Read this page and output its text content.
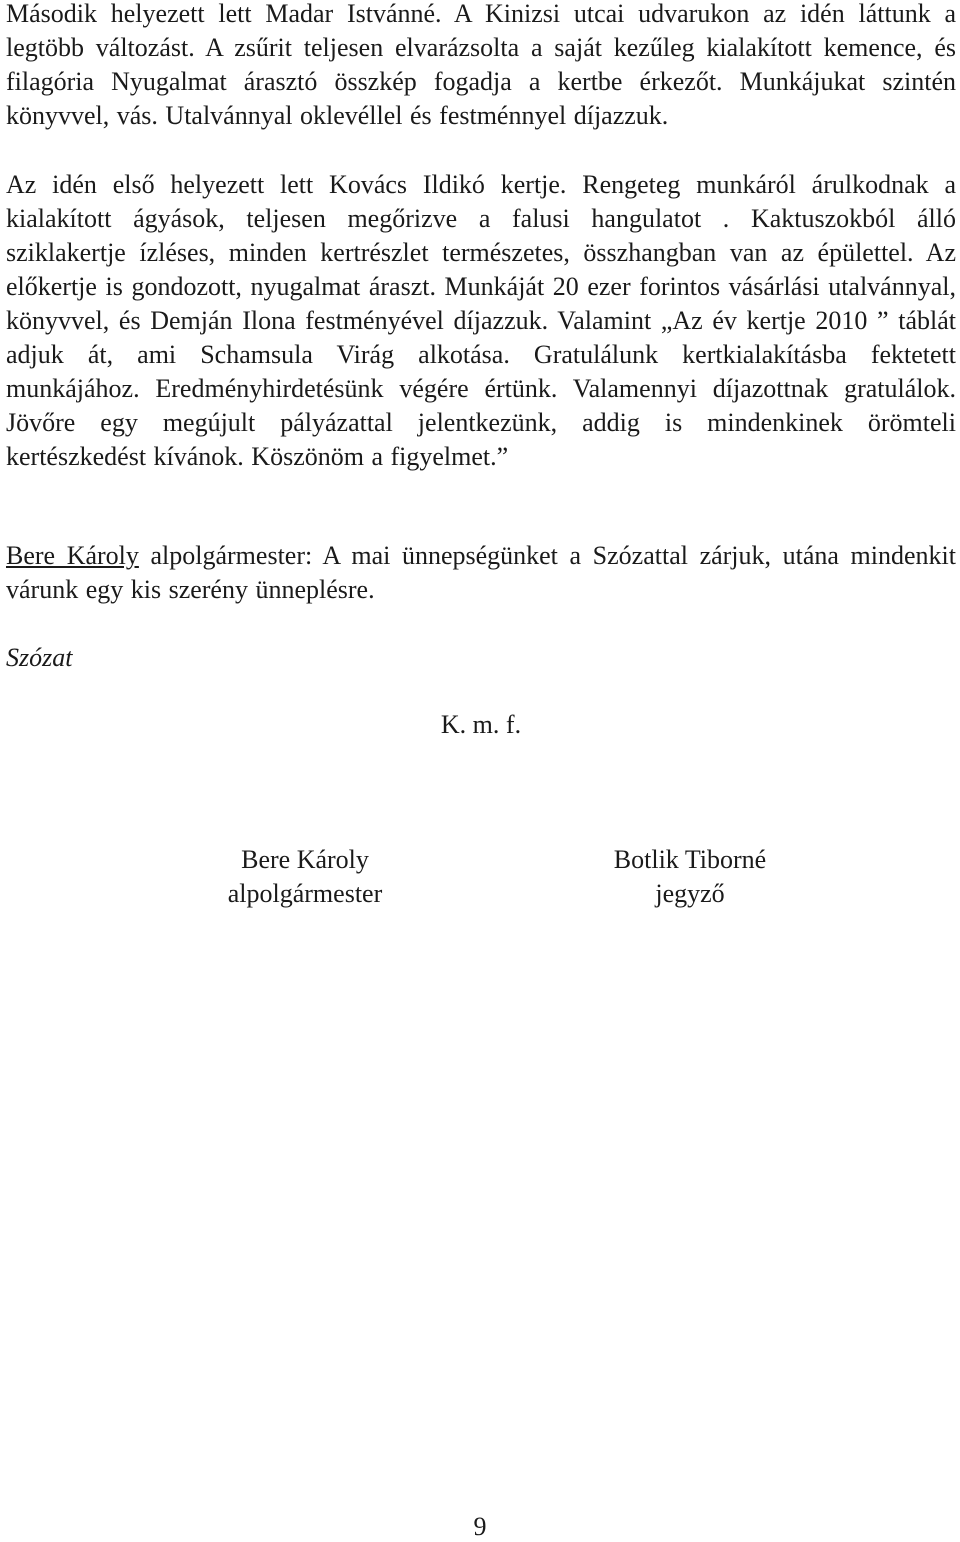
Második helyezett lett Madar Istvánné. A Kinizsi utcai udvarukon az idén láttunk a legtöbb változást. A zsűrit teljesen elvarázsolta a saját kezűleg kialakított kemence, és filagória Nyugalmat árasztó összkép fogadja a kertbe érkezőt. Munkájukat szintén könyvvel, vás. Utalvánnyal oklevéllel és festménnyel díjazzuk.

Az idén első helyezett lett Kovács Ildikó kertje. Rengeteg munkáról árulkodnak a kialakított ágyások, teljesen megőrizve a falusi hangulatot . Kaktuszokból álló sziklakertje ízléses, minden kertrészlet természetes, összhangban van az épülettel. Az előkertje is gondozott, nyugalmat áraszt. Munkáját 20 ezer forintos vásárlási utalvánnyal, könyvvel, és Demján Ilona festményével díjazzuk. Valamint „Az év kertje 2010 ” táblát adjuk át, ami Schamsula Virág alkotása. Gratulálunk kertkialakításba fektetett munkájához. Eredményhirdetésünk végére értünk. Valamennyi díjazottnak gratulálok. Jövőre egy megújult pályázattal jelentkezünk, addig is mindenkinek örömteli kertészkedést kívánok. Köszönöm a figyelmet.”

Bere Károly alpolgármester: A mai ünnepségünket a Szózattal zárjuk, utána mindenkit várunk egy kis szerény ünneplésre.

Szózat

K. m. f.

Bere Károly
alpolgármester
Botlik Tiborné
jegyző
9
